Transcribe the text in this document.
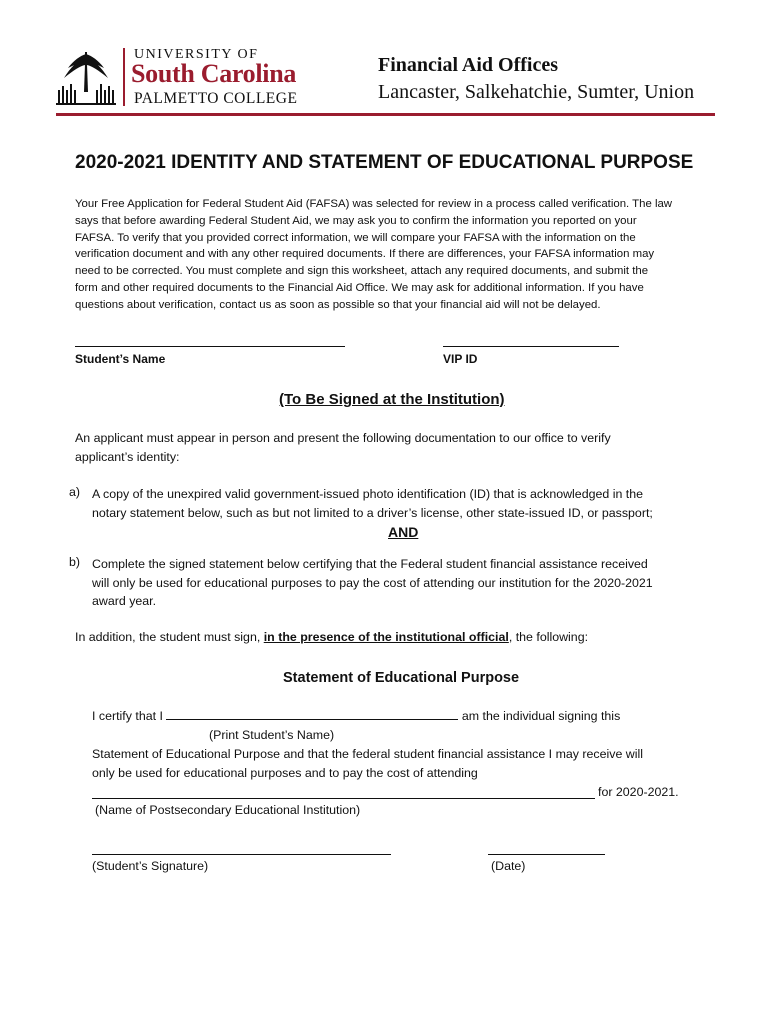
UNIVERSITY OF
South Carolina
PALMETTO COLLEGE
Financial Aid Offices
Lancaster, Salkehatchie, Sumter, Union
2020-2021 IDENTITY AND STATEMENT OF EDUCATIONAL PURPOSE
Your Free Application for Federal Student Aid (FAFSA) was selected for review in a process called verification. The law
says that before awarding Federal Student Aid, we may ask you to confirm the information you reported on your
FAFSA. To verify that you provided correct information, we will compare your FAFSA with the information on the
verification document and with any other required documents. If there are differences, your FAFSA information may
need to be corrected. You must complete and sign this worksheet, attach any required documents, and submit the
form and other required documents to the Financial Aid Office. We may ask for additional information. If you have
questions about verification, contact us as soon as possible so that your financial aid will not be delayed.
Student’s Name	VIP ID
(To Be Signed at the Institution)
An applicant must appear in person and present the following documentation to our office to verify
applicant’s identity:
a) A copy of the unexpired valid government-issued photo identification (ID) that is acknowledged in the
notary statement below, such as but not limited to a driver’s license, other state-issued ID, or passport;
AND
b) Complete the signed statement below certifying that the Federal student financial assistance received
will only be used for educational purposes to pay the cost of attending our institution for the 2020-2021
award year.
In addition, the student must sign, in the presence of the institutional official, the following:
Statement of Educational Purpose
I certify that I	am the individual signing this
(Print Student’s Name)
Statement of Educational Purpose and that the federal student financial assistance I may receive will
only be used for educational purposes and to pay the cost of attending
for 2020-2021.
(Name of Postsecondary Educational Institution)
(Student’s Signature)	(Date)
